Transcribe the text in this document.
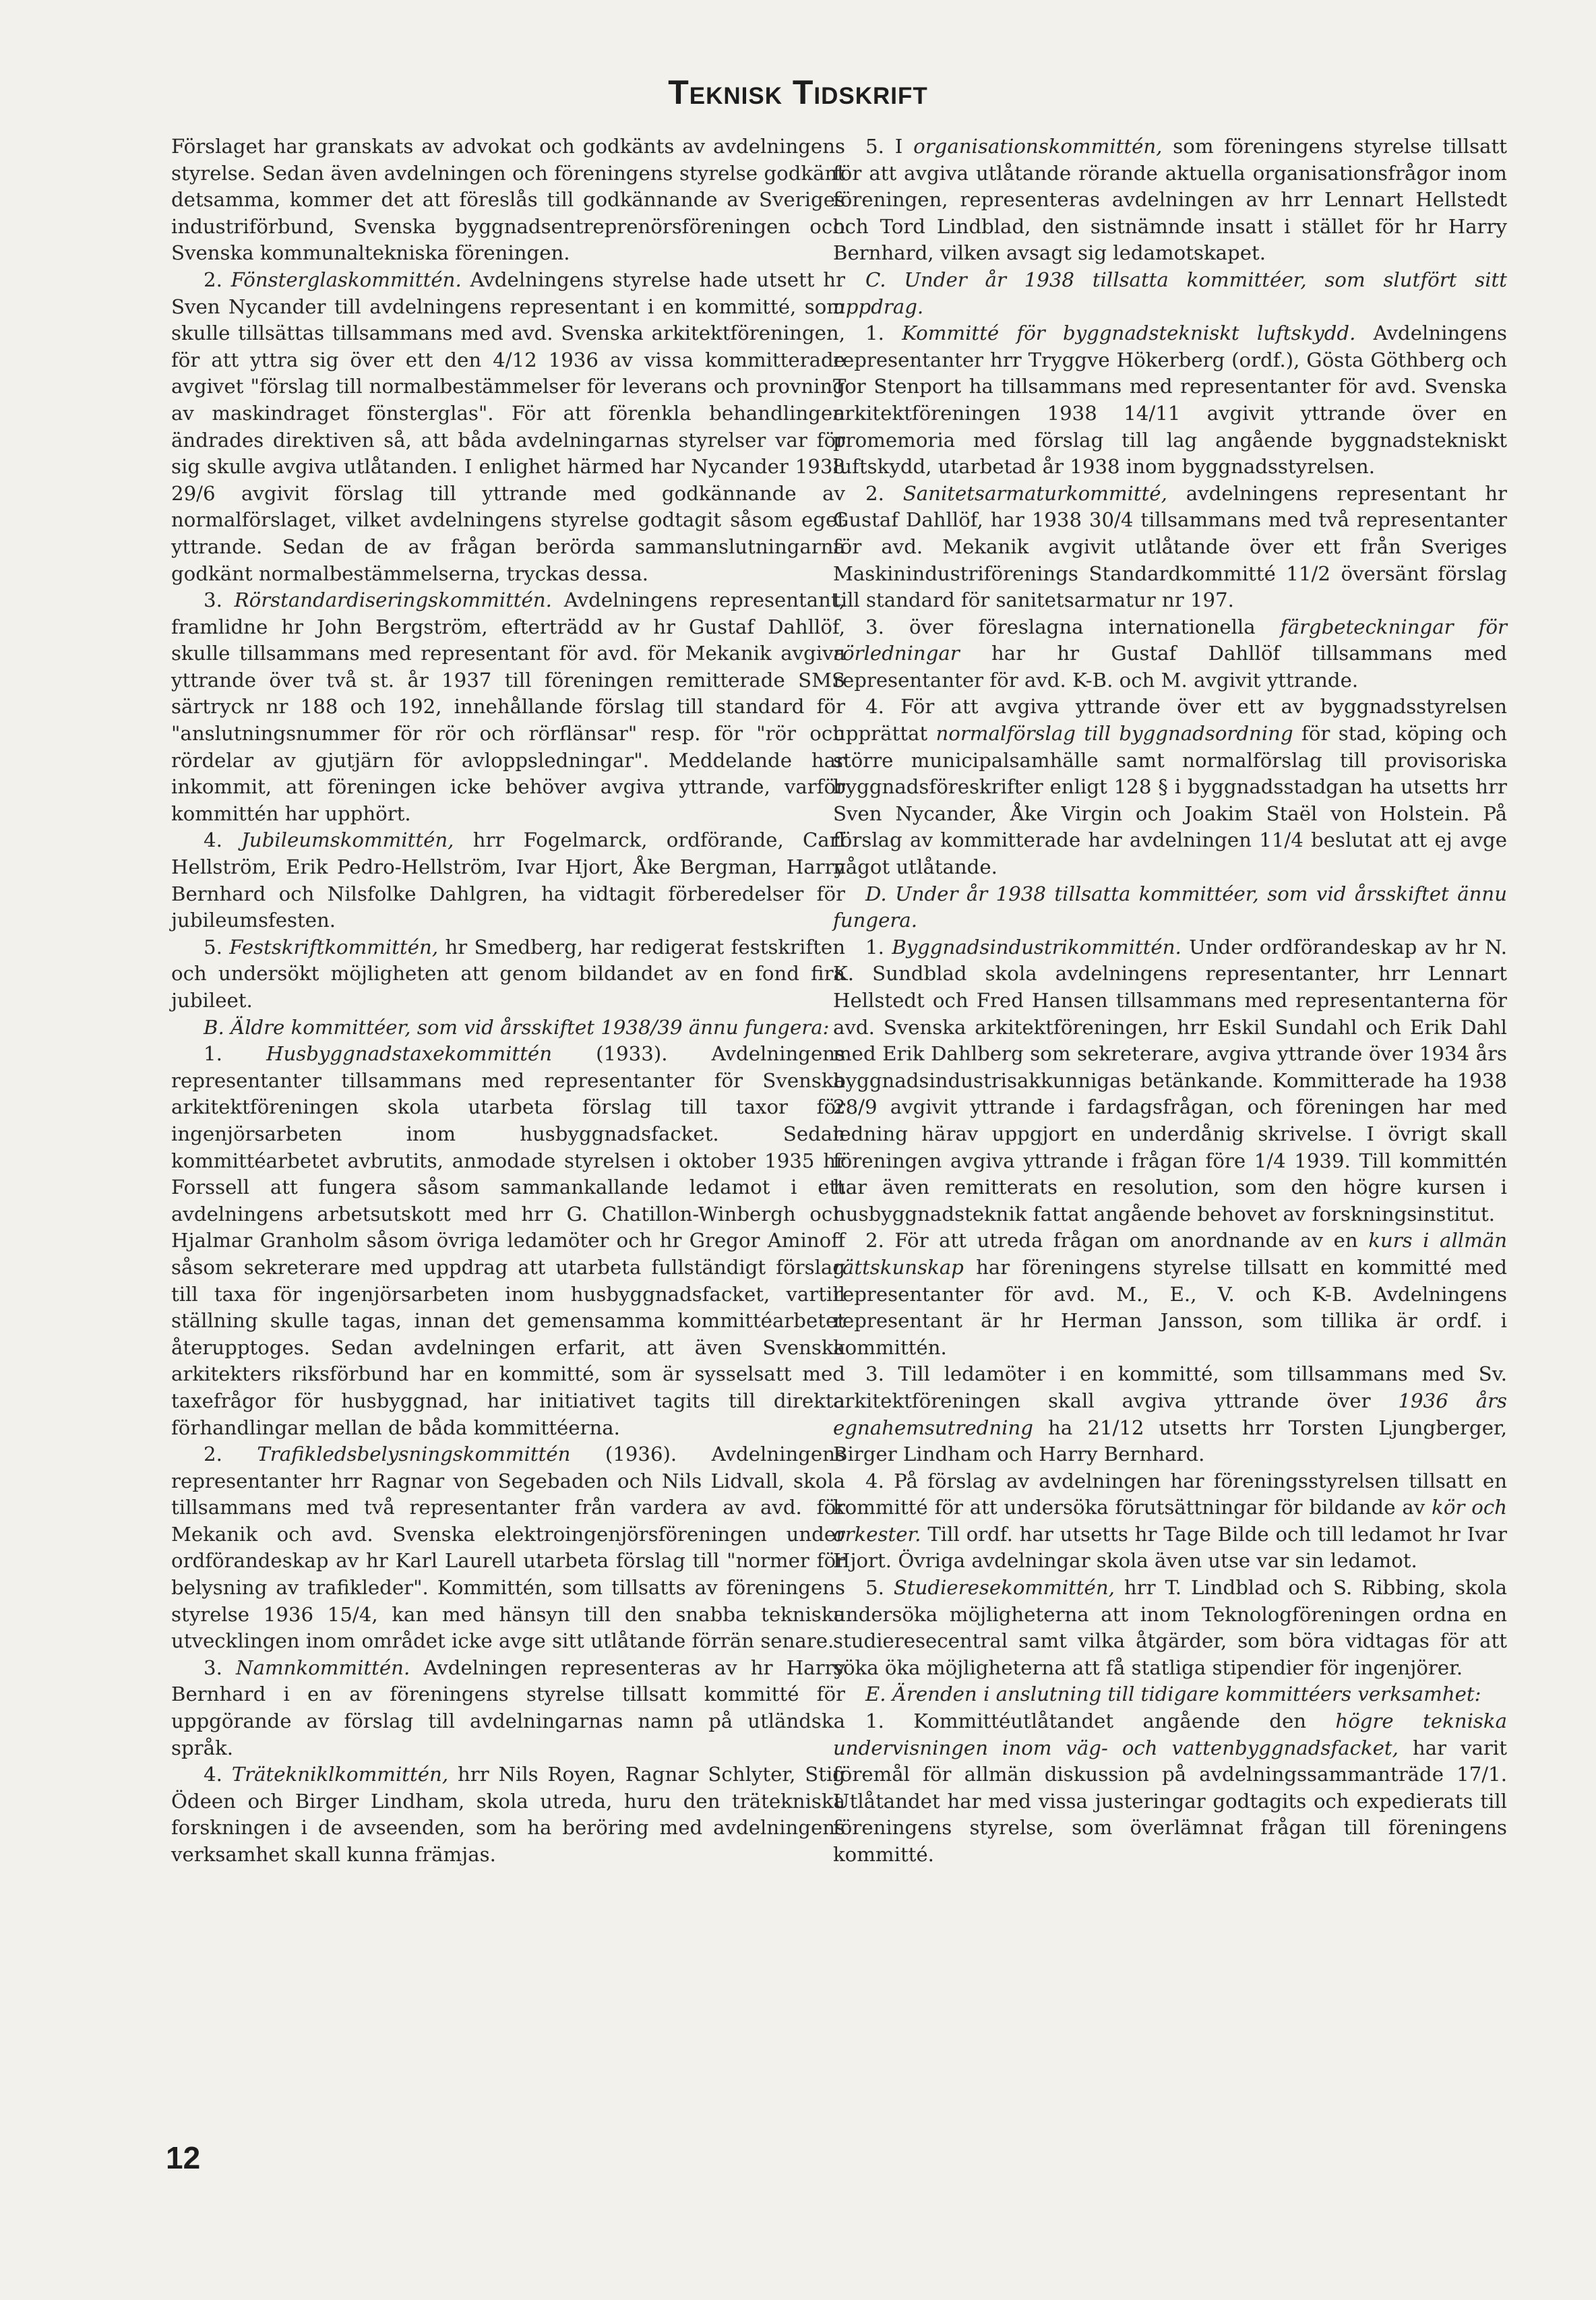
Teknisk Tidskrift

Förslaget har granskats av advokat och godkänts av avdelningens styrelse. Sedan även avdelningen och föreningens styrelse godkänt detsamma, kommer det att föreslås till godkännande av Sveriges industriförbund, Svenska byggnadsentreprenörsföreningen och Svenska kommunaltekniska föreningen.

2. Fönsterglaskommittén. Avdelningens styrelse hade utsett hr Sven Nycander till avdelningens representant i en kommitté, som skulle tillsättas tillsammans med avd. Svenska arkitektföreningen, för att yttra sig över ett den 4/12 1936 av vissa kommitterade avgivet "förslag till normalbestämmelser för leverans och provning av maskindraget fönsterglas". För att förenkla behandlingen ändrades direktiven så, att båda avdelningarnas styrelser var för sig skulle avgiva utlåtanden. I enlighet härmed har Nycander 1938 29/6 avgivit förslag till yttrande med godkännande av normalförslaget, vilket avdelningens styrelse godtagit såsom eget yttrande. Sedan de av frågan berörda sammanslutningarna godkänt normalbestämmelserna, tryckas dessa.

3. Rörstandardiseringskommittén. Avdelningens representant, framlidne hr John Bergström, efterträdd av hr Gustaf Dahllöf, skulle tillsammans med representant för avd. för Mekanik avgiva yttrande över två st. år 1937 till föreningen remitterade SMS särtryck nr 188 och 192, innehållande förslag till standard för "anslutningsnummer för rör och rörflänsar" resp. för "rör och rördelar av gjutjärn för avloppsledningar". Meddelande har inkommit, att föreningen icke behöver avgiva yttrande, varför kommittén har upphört.

4. Jubileumskommittén, hrr Fogelmarck, ordförande, Carl Hellström, Erik Pedro-Hellström, Ivar Hjort, Åke Bergman, Harry Bernhard och Nilsfolke Dahlgren, ha vidtagit förberedelser för jubileumsfesten.

5. Festskriftkommittén, hr Smedberg, har redigerat festskriften och undersökt möjligheten att genom bildandet av en fond fira jubileet.

B. Äldre kommittéer, som vid årsskiftet 1938/39 ännu fungera:

1. Husbyggnadstaxekommittén (1933). Avdelningens representanter tillsammans med representanter för Svenska arkitektföreningen skola utarbeta förslag till taxor för ingenjörsarbeten inom husbyggnadsfacket. Sedan kommittéarbetet avbrutits, anmodade styrelsen i oktober 1935 hr Forssell att fungera såsom sammankallande ledamot i ett avdelningens arbetsutskott med hrr G. Chatillon-Winbergh och Hjalmar Granholm såsom övriga ledamöter och hr Gregor Aminoff såsom sekreterare med uppdrag att utarbeta fullständigt förslag till taxa för ingenjörsarbeten inom husbyggnadsfacket, vartill ställning skulle tagas, innan det gemensamma kommittéarbetet återupptoges. Sedan avdelningen erfarit, att även Svenska arkitekters riksförbund har en kommitté, som är sysselsatt med taxefrågor för husbyggnad, har initiativet tagits till direkta förhandlingar mellan de båda kommittéerna.

2. Trafikledsbelysningskommittén (1936). Avdelningens representanter hrr Ragnar von Segebaden och Nils Lidvall, skola tillsammans med två representanter från vardera av avd. för Mekanik och avd. Svenska elektroingenjörsföreningen under ordförandeskap av hr Karl Laurell utarbeta förslag till "normer för belysning av trafikleder". Kommittén, som tillsatts av föreningens styrelse 1936 15/4, kan med hänsyn till den snabba tekniska utvecklingen inom området icke avge sitt utlåtande förrän senare.

3. Namnkommittén. Avdelningen representeras av hr Harry Bernhard i en av föreningens styrelse tillsatt kommitté för uppgörande av förslag till avdelningarnas namn på utländska språk.

4. Trätekniklkommittén, hrr Nils Royen, Ragnar Schlyter, Stig Ödeen och Birger Lindham, skola utreda, huru den trätekniska forskningen i de avseenden, som ha beröring med avdelningens verksamhet skall kunna främjas.

5. I organisationskommittén, som föreningens styrelse tillsatt för att avgiva utlåtande rörande aktuella organisationsfrågor inom föreningen, representeras avdelningen av hrr Lennart Hellstedt och Tord Lindblad, den sistnämnde insatt i stället för hr Harry Bernhard, vilken avsagt sig ledamotskapet.

C. Under år 1938 tillsatta kommittéer, som slutfört sitt uppdrag.

1. Kommitté för byggnadstekniskt luftskydd. Avdelningens representanter hrr Tryggve Hökerberg (ordf.), Gösta Göthberg och Tor Stenport ha tillsammans med representanter för avd. Svenska arkitektföreningen 1938 14/11 avgivit yttrande över en promemoria med förslag till lag angående byggnadstekniskt luftskydd, utarbetad år 1938 inom byggnadsstyrelsen.

2. Sanitetsarmaturkommitté, avdelningens representant hr Gustaf Dahllöf, har 1938 30/4 tillsammans med två representanter för avd. Mekanik avgivit utlåtande över ett från Sveriges Maskinindustriförenings Standardkommitté 11/2 översänt förslag till standard för sanitetsarmatur nr 197.

3. över föreslagna internationella färgbeteckningar för rörledningar har hr Gustaf Dahllöf tillsammans med representanter för avd. K-B. och M. avgivit yttrande.

4. För att avgiva yttrande över ett av byggnadsstyrelsen upprättat normalförslag till byggnadsordning för stad, köping och större municipalsamhälle samt normalförslag till provisoriska byggnadsföreskrifter enligt 128 § i byggnadsstadgan ha utsetts hrr Sven Nycander, Åke Virgin och Joakim Staël von Holstein. På förslag av kommitterade har avdelningen 11/4 beslutat att ej avge något utlåtande.

D. Under år 1938 tillsatta kommittéer, som vid årsskiftet ännu fungera.

1. Byggnadsindustrikommittén. Under ordförandeskap av hr N. K. Sundblad skola avdelningens representanter, hrr Lennart Hellstedt och Fred Hansen tillsammans med representanterna för avd. Svenska arkitektföreningen, hrr Eskil Sundahl och Erik Dahl med Erik Dahlberg som sekreterare, avgiva yttrande över 1934 års byggnadsindustrisakkunnigas betänkande. Kommitterade ha 1938 28/9 avgivit yttrande i fardagsfrågan, och föreningen har med ledning härav uppgjort en underdånig skrivelse. I övrigt skall föreningen avgiva yttrande i frågan före 1/4 1939. Till kommittén har även remitterats en resolution, som den högre kursen i husbyggnadsteknik fattat angående behovet av forskningsinstitut.

2. För att utreda frågan om anordnande av en kurs i allmän rättskunskap har föreningens styrelse tillsatt en kommitté med representanter för avd. M., E., V. och K-B. Avdelningens representant är hr Herman Jansson, som tillika är ordf. i kommittén.

3. Till ledamöter i en kommitté, som tillsammans med Sv. arkitektföreningen skall avgiva yttrande över 1936 års egnahemsutredning ha 21/12 utsetts hrr Torsten Ljungberger, Birger Lindham och Harry Bernhard.

4. På förslag av avdelningen har föreningsstyrelsen tillsatt en kommitté för att undersöka förutsättningar för bildande av kör och orkester. Till ordf. har utsetts hr Tage Bilde och till ledamot hr Ivar Hjort. Övriga avdelningar skola även utse var sin ledamot.

5. Studieresekommittén, hrr T. Lindblad och S. Ribbing, skola undersöka möjligheterna att inom Teknologföreningen ordna en studieresecentral samt vilka åtgärder, som böra vidtagas för att söka öka möjligheterna att få statliga stipendier för ingenjörer.

E. Ärenden i anslutning till tidigare kommittéers verksamhet:

1. Kommittéutlåtandet angående den högre tekniska undervisningen inom väg- och vattenbyggnadsfacket, har varit föremål för allmän diskussion på avdelningssammanträde 17/1. Utlåtandet har med vissa justeringar godtagits och expedierats till föreningens styrelse, som överlämnat frågan till föreningens kommitté.

12
